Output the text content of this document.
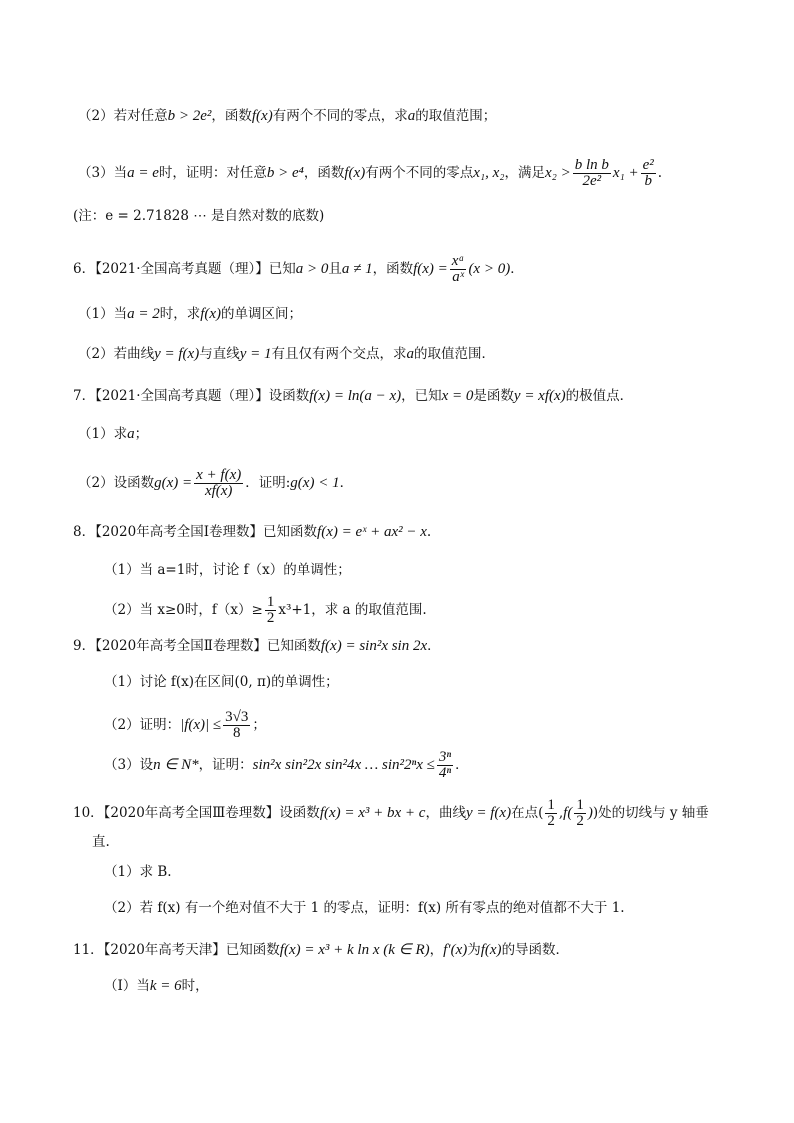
（2）若对任意b > 2e²，函数f(x)有两个不同的零点，求a的取值范围；
（3）当a = e时，证明：对任意b > e⁴，函数f(x)有两个不同的零点x₁, x₂，满足$x_2 > \frac{\text{b ln b}}{\text{2e²}} x_1 + \frac{\text{e²}}{b}$ .
(注：e = 2.71828 ⋯ 是自然对数的底数)
6．【2021·全国高考真题（理）】已知a > 0且a ≠ 1，函数$f(x) = \frac{\text{xᵃ}}{\text{aˣ}} (x > 0)$．
（1）当a = 2时，求f(x)的单调区间；
（2）若曲线y = f(x)与直线y = 1有且仅有两个交点，求a的取值范围．
7．【2021·全国高考真题（理）】设函数f(x) = ln(a − x)，已知x = 0是函数y = xf(x)的极值点．
（1）求a；
（2）设函数$g(x) = \frac{x + f(x)}{xf(x)}$ ．证明:g(x) < 1．
8．【2020年高考全国Ⅰ卷理数】已知函数f(x) = eˣ + ax² − x.
（1）当 a=1时，讨论 f（x）的单调性；
（2）当 x≥0时，$f(x)\ge \frac{1}{2} x^3+1$，求 a 的取值范围.
9．【2020年高考全国Ⅱ卷理数】已知函数f(x) = sin²x sin 2x．
（1）讨论 f(x)在区间(0, π)的单调性；
（2）证明：$|f(x)| \le \frac{3√3}{8}$ ；
（3）设n ∈ N*，证明：sin²x sin²2x sin²4x … $\sin^22^nx \le \frac{\text{3ⁿ}}{\text{4ⁿ}}$ ．
10．【2020年高考全国Ⅲ卷理数】设函数f(x) = x³ + bx + c，曲线y = f(x)在点( $\frac{1}{2} ,f( \frac{1}{2}$ ))处的切线与 y 轴垂
直.
（1）求 B.
（2）若 f(x) 有一个绝对值不大于 1 的零点，证明：f(x) 所有零点的绝对值都不大于 1.
11．【2020年高考天津】已知函数f(x) = x³ + k ln x (k ∈ R)，f′(x)为f(x)的导函数．
（Ⅰ）当k = 6时，
